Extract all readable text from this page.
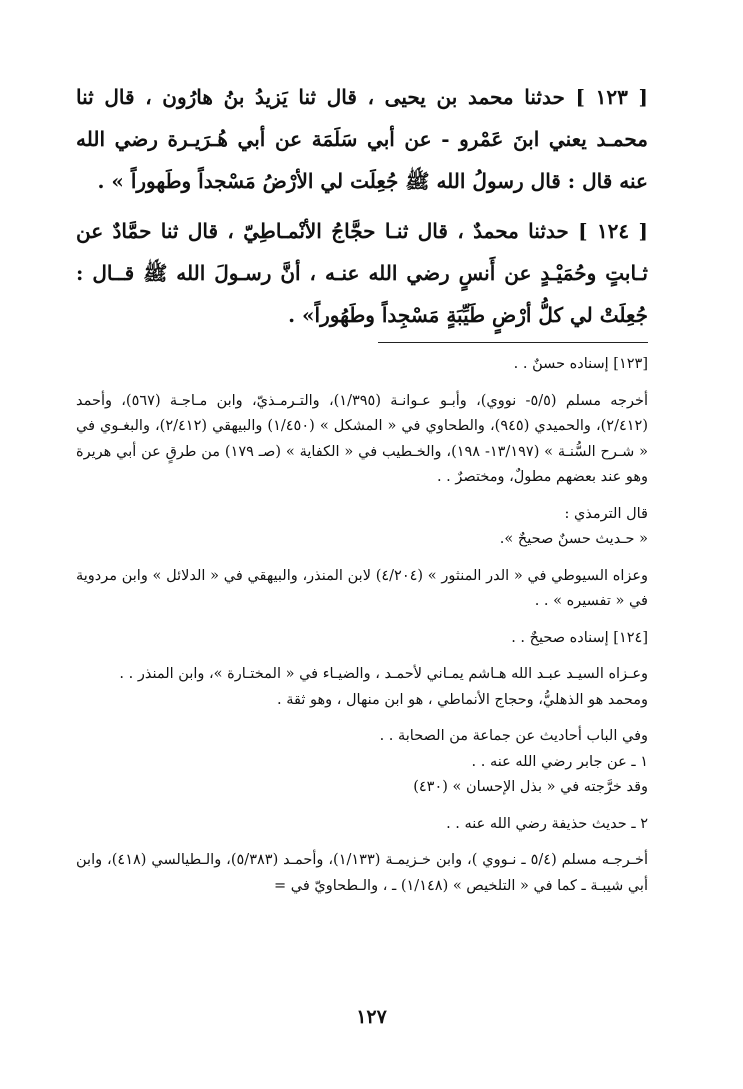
[ ١٢٣ ] حدثنا محمد بن يحيى ، قال ثنا يَزيدُ بنُ هارُون ، قال ثنا محمـد يعني ابنَ عَمْرو - عن أبي سَلَمَة عن أبي هُـرَيـرة رضي الله عنه قال : قال رسولُ الله ﷺ جُعِلَت لي الأرْضُ مَسْجداً وطَهوراً » .

[ ١٢٤ ] حدثنا محمدٌ ، قال ثنـا حجَّاجُ الأنْمـاطِيّ ، قال ثنا حمَّادٌ عن ثـابتٍ وحُمَيْـدٍ عن أَنسٍ رضي الله عنـه ، أنَّ رسـولَ الله ﷺ قــال : جُعِلَتْ لي كلُّ أرْضٍ طَيِّبَةٍ مَسْجِداً وطَهُوراً» .

[١٢٣] إسناده حسنٌ . .

أخرجه مسلم (٥/٥- نووي)، وأبـو عـوانـة (١/٣٩٥)، والتـرمـذيّ، وابن مـاجـة (٥٦٧)، وأحمد (٢/٤١٢)، والحميدي (٩٤٥)، والطحاوي في « المشكل » (١/٤٥٠) والبيهقي (٢/٤١٢)، والبغـوي في « شـرح السُّنـة » (١٣/١٩٧- ١٩٨)، والخـطيب في « الكفاية » (صـ ١٧٩) من طرقٍ عن أبي هريرة وهو عند بعضهم مطولٌ، ومختصرٌ . .

قال الترمذي :

« حـديث حسنٌ صحيحٌ ».

وعزاه السيوطي في « الدر المنثور » (٤/٢٠٤) لابن المنذر، والبيهقي في « الدلائل » وابن مردوية في « تفسيره » . .

[١٢٤] إسناده صحيحٌ . .

وعـزاه السيـد عبـد الله هـاشم يمـاني لأحمـد ، والضيـاء في « المختـارة »، وابن المنذر . .

ومحمد هو الذهليُّ، وحجاج الأنماطي ، هو ابن منهال ، وهو ثقة .

وفي الباب أحاديث عن جماعة من الصحابة . .

١ ـ عن جابر رضي الله عنه . .

وقد خرَّجته في « بذل الإحسان » (٤٣٠)

٢ ـ حديث حذيفة رضي الله عنه . .

أخـرجـه مسلم (٥/٤ ـ نـووي )، وابن خـزيمـة (١/١٣٣)، وأحمـد (٥/٣٨٣)، والـطيالسي (٤١٨)، وابن أبي شيبـة ـ كما في « التلخيص » (١/١٤٨) ـ ، والـطحاويّ في =

١٢٧
